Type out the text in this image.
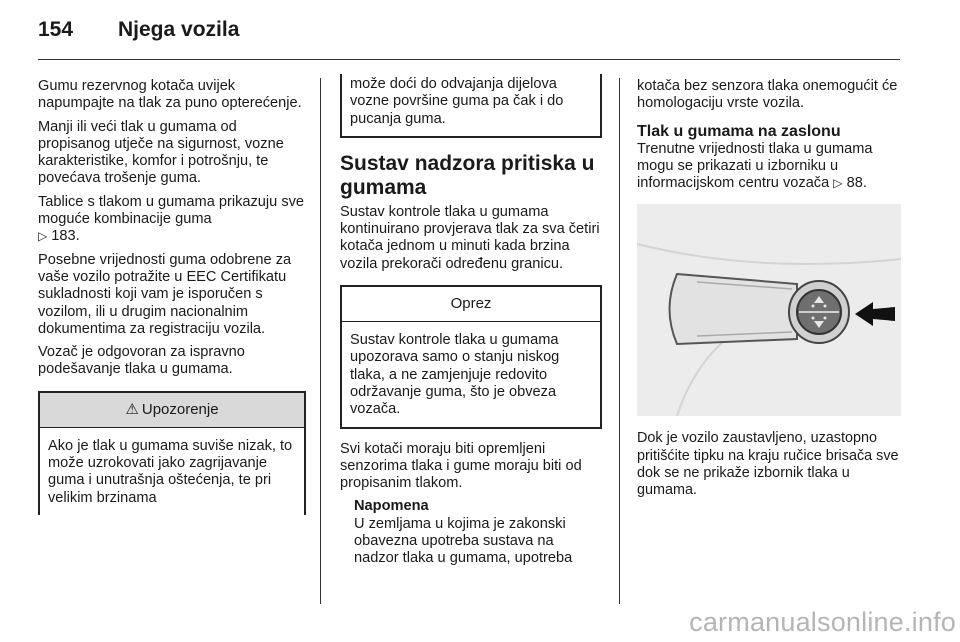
154	Njega vozila

Gumu rezervnog kotača uvijek napumpajte na tlak za puno opterećenje.

Manji ili veći tlak u gumama od propisanog utječe na sigurnost, vozne karakteristike, komfor i potrošnju, te povećava trošenje guma.

Tablice s tlakom u gumama prikazuju sve moguće kombinacije guma
▷ 183.

Posebne vrijednosti guma odobrene za vaše vozilo potražite u EEC Certifikatu sukladnosti koji vam je isporučen s vozilom, ili u drugim nacionalnim dokumentima za registraciju vozila.

Vozač je odgovoran za ispravno podešavanje tlaka u gumama.

⚠ Upozorenje
Ako je tlak u gumama suviše nizak, to može uzrokovati jako zagrijavanje guma i unutrašnja oštećenja, te pri velikim brzinama
može doći do odvajanja dijelova vozne površine guma pa čak i do pucanja guma.
Sustav nadzora pritiska u gumama

Sustav kontrole tlaka u gumama kontinuirano provjerava tlak za sva četiri kotača jednom u minuti kada brzina vozila prekorači određenu granicu.

Oprez
Sustav kontrole tlaka u gumama upozorava samo o stanju niskog tlaka, a ne zamjenjuje redovito održavanje guma, što je obveza vozača.

Svi kotači moraju biti opremljeni senzorima tlaka i gume moraju biti od propisanim tlakom.

Napomena
U zemljama u kojima je zakonski obavezna upotreba sustava na nadzor tlaka u gumama, upotreba

kotača bez senzora tlaka onemogućit će homologaciju vrste vozila.

Tlak u gumama na zaslonu

Trenutne vrijednosti tlaka u gumama mogu se prikazati u izborniku u informacijskom centru vozača ▷ 88.

Dok je vozilo zaustavljeno, uzastopno pritišćite tipku na kraju ručice brisača sve dok se ne prikaže izbornik tlaka u gumama.

carmanualsonline.info
